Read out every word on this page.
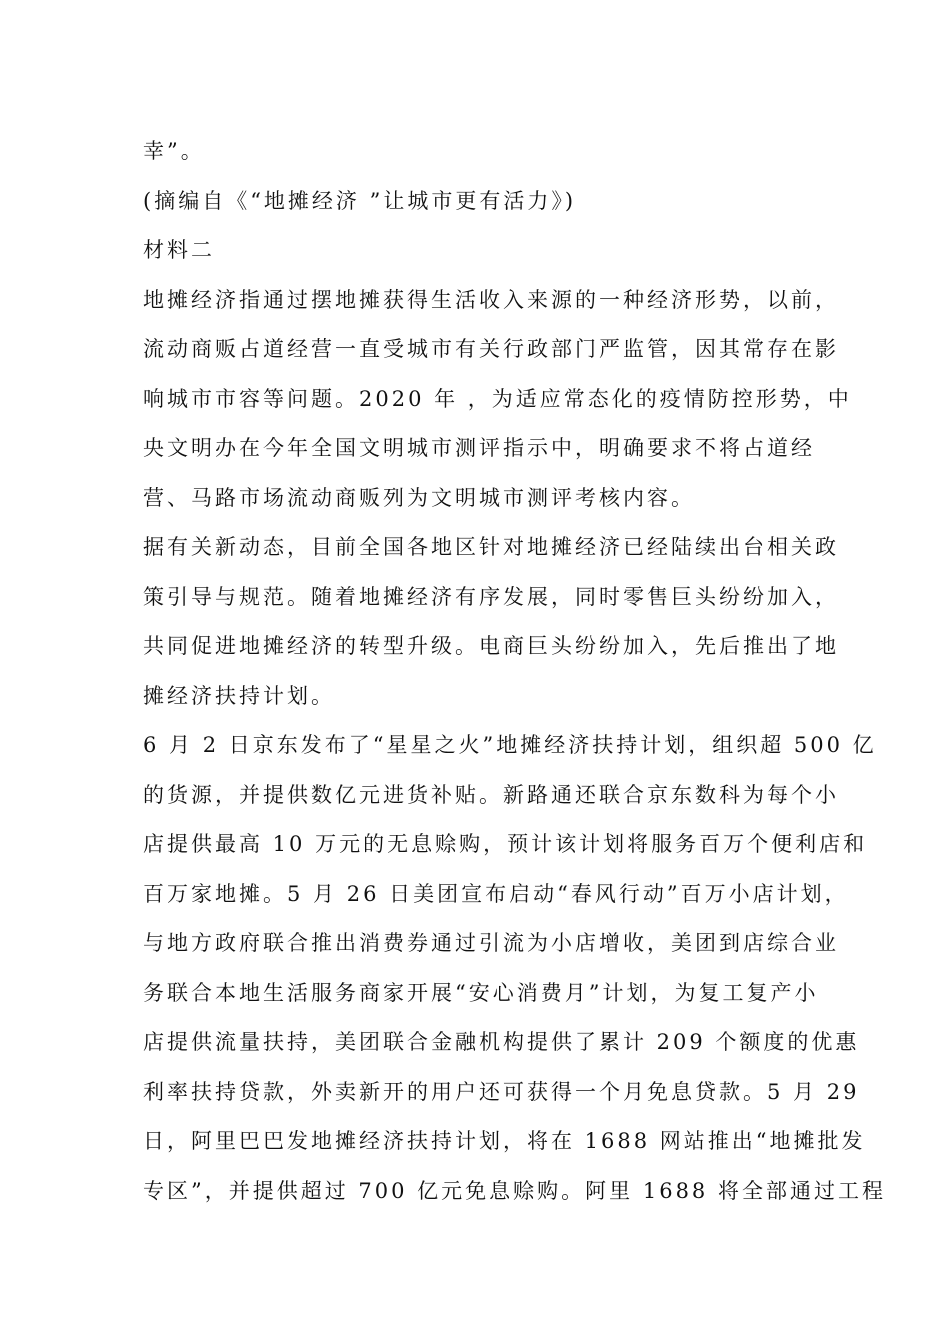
幸”。
(摘编自《“地摊经济 ”让城市更有活力》)
材料二
地摊经济指通过摆地摊获得生活收入来源的一种经济形势，以前，
流动商贩占道经营一直受城市有关行政部门严监管，因其常存在影
响城市市容等问题。2020 年 ，为适应常态化的疫情防控形势，中
央文明办在今年全国文明城市测评指示中，明确要求不将占道经
营、马路市场流动商贩列为文明城市测评考核内容。
据有关新动态，目前全国各地区针对地摊经济已经陆续出台相关政
策引导与规范。随着地摊经济有序发展，同时零售巨头纷纷加入，
共同促进地摊经济的转型升级。电商巨头纷纷加入，先后推出了地
摊经济扶持计划。
6 月 2 日京东发布了“星星之火”地摊经济扶持计划，组织超 500 亿
的货源，并提供数亿元进货补贴。新路通还联合京东数科为每个小
店提供最高 10 万元的无息赊购，预计该计划将服务百万个便利店和
百万家地摊。5 月 26 日美团宣布启动“春风行动”百万小店计划，
与地方政府联合推出消费券通过引流为小店增收，美团到店综合业
务联合本地生活服务商家开展“安心消费月”计划，为复工复产小
店提供流量扶持，美团联合金融机构提供了累计 209 个额度的优惠
利率扶持贷款，外卖新开的用户还可获得一个月免息贷款。5 月 29
日，阿里巴巴发地摊经济扶持计划，将在 1688 网站推出“地摊批发
专区”，并提供超过 700 亿元免息赊购。阿里 1688 将全部通过工程
